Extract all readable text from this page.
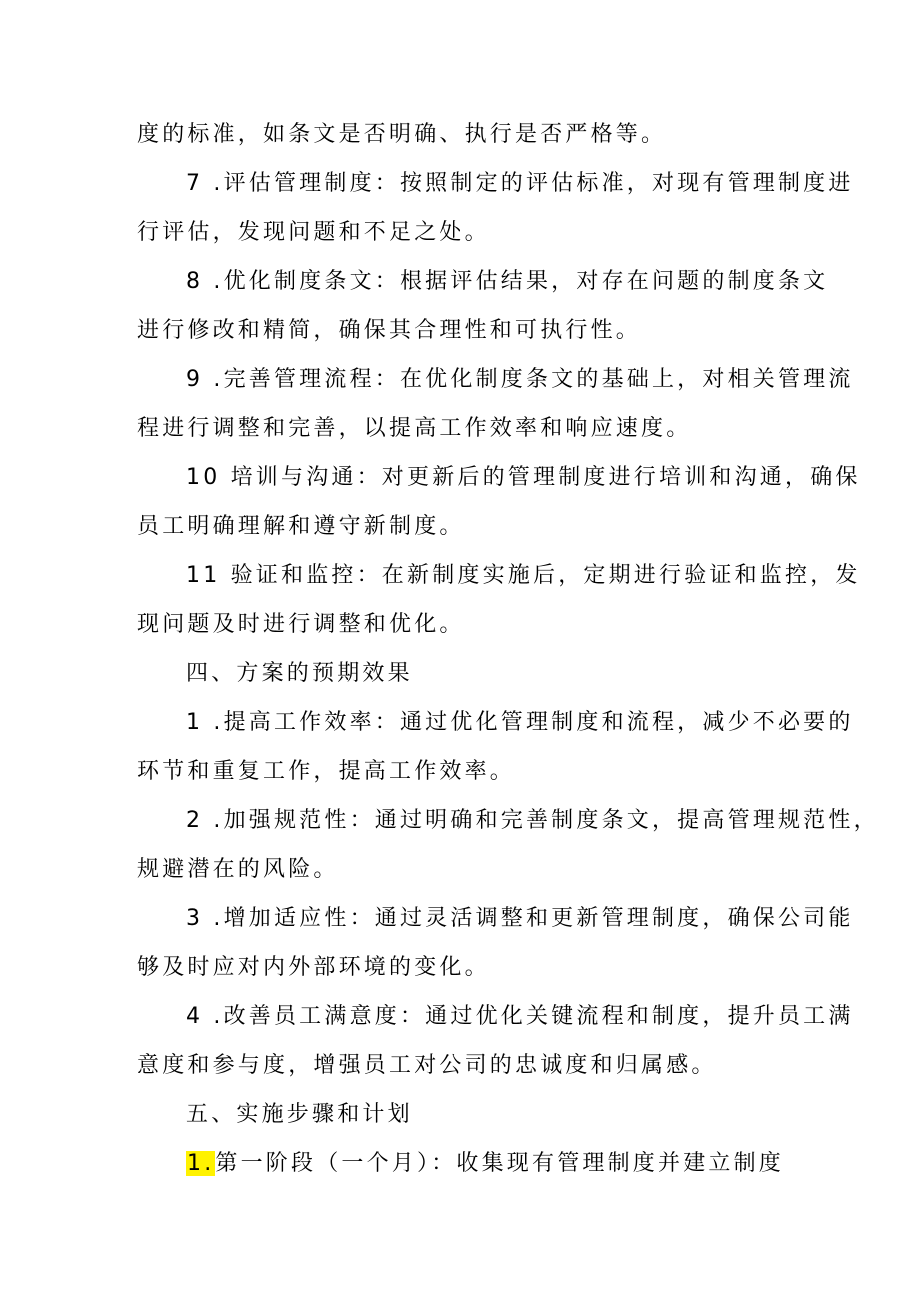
度的标准，如条文是否明确、执行是否严格等。
7 .评估管理制度：按照制定的评估标准，对现有管理制度进
行评估，发现问题和不足之处。
8 .优化制度条文：根据评估结果，对存在问题的制度条文
进行修改和精简，确保其合理性和可执行性。
9 .完善管理流程：在优化制度条文的基础上，对相关管理流
程进行调整和完善，以提高工作效率和响应速度。
10 培训与沟通：对更新后的管理制度进行培训和沟通，确保
员工明确理解和遵守新制度。
11 验证和监控：在新制度实施后，定期进行验证和监控，发
现问题及时进行调整和优化。
四、方案的预期效果
1 .提高工作效率：通过优化管理制度和流程，减少不必要的
环节和重复工作，提高工作效率。
2 .加强规范性：通过明确和完善制度条文，提高管理规范性，
规避潜在的风险。
3 .增加适应性：通过灵活调整和更新管理制度，确保公司能
够及时应对内外部环境的变化。
4 .改善员工满意度：通过优化关键流程和制度，提升员工满
意度和参与度，增强员工对公司的忠诚度和归属感。
五、实施步骤和计划
1.第一阶段（一个月）：收集现有管理制度并建立制度
